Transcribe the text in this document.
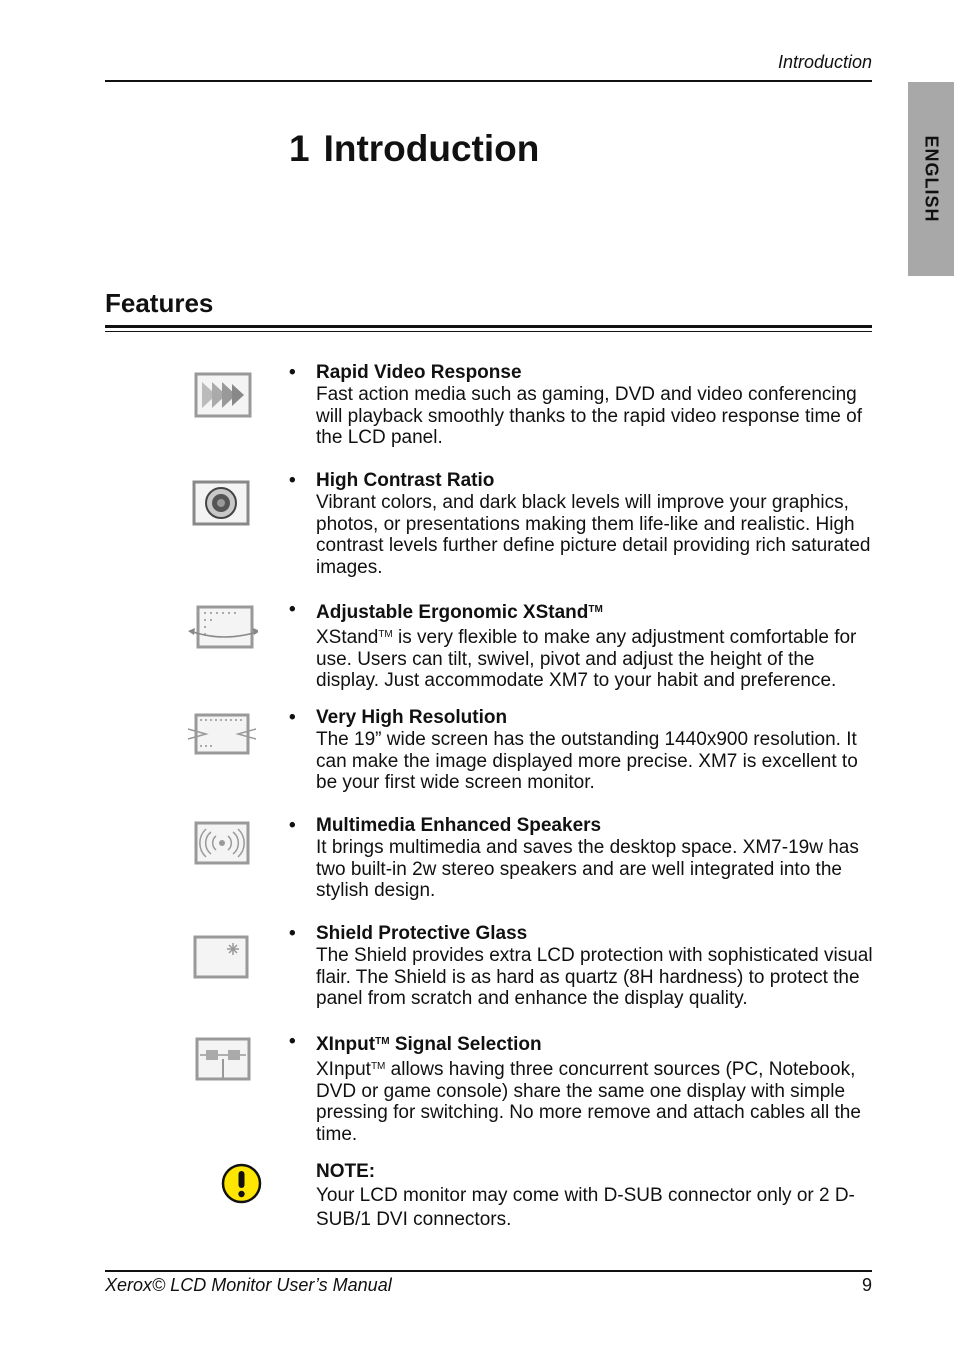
Introduction
ENGLISH
1 Introduction
Features
• Rapid Video Response
Fast action media such as gaming, DVD and video conferencing will playback smoothly thanks to the rapid video response time of the LCD panel.
• High Contrast Ratio
Vibrant colors, and dark black levels will improve your graphics, photos, or presentations making them life-like and realistic. High contrast levels further define picture detail providing rich saturated images.
• Adjustable Ergonomic XStand™
XStand™ is very flexible to make any adjustment comfortable for use. Users can tilt, swivel, pivot and adjust the height of the display. Just accommodate XM7 to your habit and preference.
• Very High Resolution
The 19” wide screen has the outstanding 1440x900 resolution. It can make the image displayed more precise. XM7 is excellent to be your first wide screen monitor.
• Multimedia Enhanced Speakers
It brings multimedia and saves the desktop space. XM7-19w has two built-in 2w stereo speakers and are well integrated into the stylish design.
• Shield Protective Glass
The Shield provides extra LCD protection with sophisticated visual flair. The Shield is as hard as quartz (8H hardness) to protect the panel from scratch and enhance the display quality.
• XInput™ Signal Selection
XInput™ allows having three concurrent sources (PC, Notebook, DVD or game console) share the same one display with simple pressing for switching. No more remove and attach cables all the time.
NOTE:
Your LCD monitor may come with D-SUB connector only or 2 D-SUB/1 DVI connectors.
Xerox© LCD Monitor User’s Manual	9
